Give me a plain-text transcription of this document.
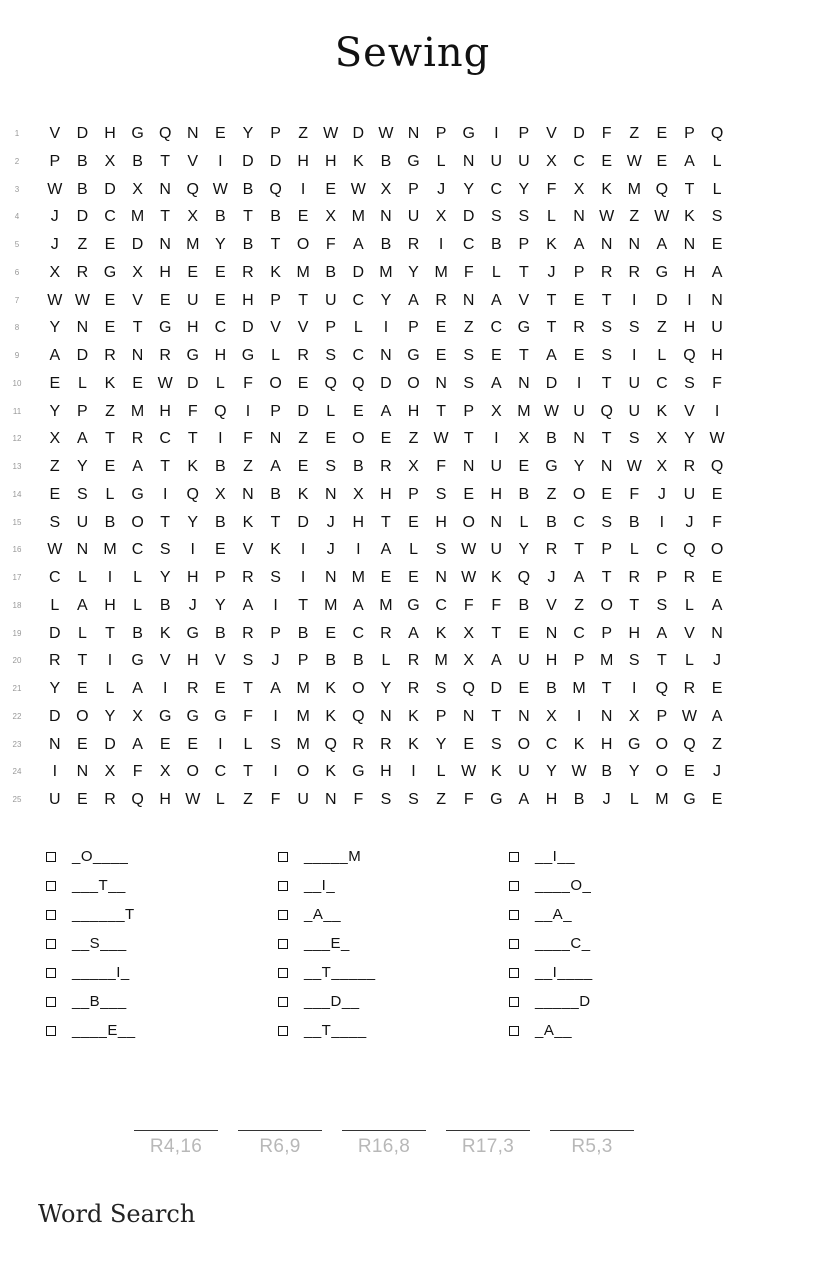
Sewing
1	V	D	H G Q N	E	Y	P	Z W D W N	P	G	I	P	V	D	F	Z	E	P	Q
2	P	B	X	B	T	V	I	D	D	H	H	K	B	G	L	N	U	U	X	C	E W E	A	L
3	W B	D	X	N Q W B	Q	I	E W X	P	J	Y	C	Y	F	X	K M Q	T	L
4	J	D	C M	T	X	B	T	B	E	X M N	U	X	D	S	S	L	N W Z W K	S
5	J	Z	E	D	N M Y	B	T	O	F	A	B	R	I	C	B	P	K	A	N	N	A	N	E
6	X	R G	X	H	E	E	R	K M B	D M Y M	F	L	T	J	P	R	R G H	A
7	W W E	V	E	U	E	H	P	T	U	C	Y	A	R	N	A	V	T	E	T	I	D	I	N
8	Y	N	E	T	G H	C	D	V	V	P	L	I	P	E	Z	C G	T	R	S	S	Z	H	U
9	A	D	R	N	R G H G	L	R	S	C	N G	E	S	E	T	A	E	S	I	L	Q H
10	E	L	K	E W D	L	F	O	E	Q Q D O N	S	A	N	D	I	T	U	C	S	F
11	Y	P	Z	M H	F	Q	I	P	D	L	E	A	H	T	P	X M W U Q U	K	V	I
12	X	A	T	R	C	T	I	F	N	Z	E	O	E	Z W T	I	X	B	N	T	S	X	Y W
13	Z	Y	E	A	T	K	B	Z	A	E	S	B	R	X	F	N	U	E	G	Y	N W X	R Q
14	E	S	L	G	I	Q	X	N	B	K	N	X	H	P	S	E	H	B	Z	O	E	F	J	U	E
15	S	U	B	O	T	Y	B	K	T	D	J	H	T	E	H O N	L	B	C	S	B	I	J	F
16	W N M C	S	I	E	V	K	I	J	I	A	L	S W U	Y	R	T	P	L	C Q O
17	C	L	I	L	Y	H	P	R	S	I	N M E	E	N W K	Q	J	A	T	R	P	R	E
18	L	A	H	L	B	J	Y	A	I	T	M A M G C	F	F	B	V	Z	O	T	S	L	A
19	D	L	T	B	K	G	B	R	P	B	E	C	R	A	K	X	T	E	N	C	P	H	A	V	N
20	R	T	I	G	V	H	V	S	J	P	B	B	L	R M X	A	U	H	P M S	T	L	J
21	Y	E	L	A	I	R	E	T	A M K	O	Y	R	S	Q D	E	B M	T	I	Q R	E
22	D O	Y	X	G G G	F	I	M K	Q N	K	P	N	T	N	X	I	N	X	P W A
23	N	E	D	A	E	E	I	L	S M Q R	R	K	Y	E	S	O C	K	H G O Q	Z
24	I	N	X	F	X	O C	T	I	O	K	G H	I	L W K	U	Y W B	Y	O	E	J
25	U	E	R Q H W L	Z	F	U	N	F	S	S	Z	F	G	A	H	B	J	L	M G	E
_O____
___T__
______T
__S___
_____I_
__B___
____E__
_____M
__I_
_A__
___E_
__T_____
___D__
__T____
__I__
____O_
__A_
____C_
__I____
_____D
_A__
R4,16	R6,9	R16,8	R17,3	R5,3
Word Search
